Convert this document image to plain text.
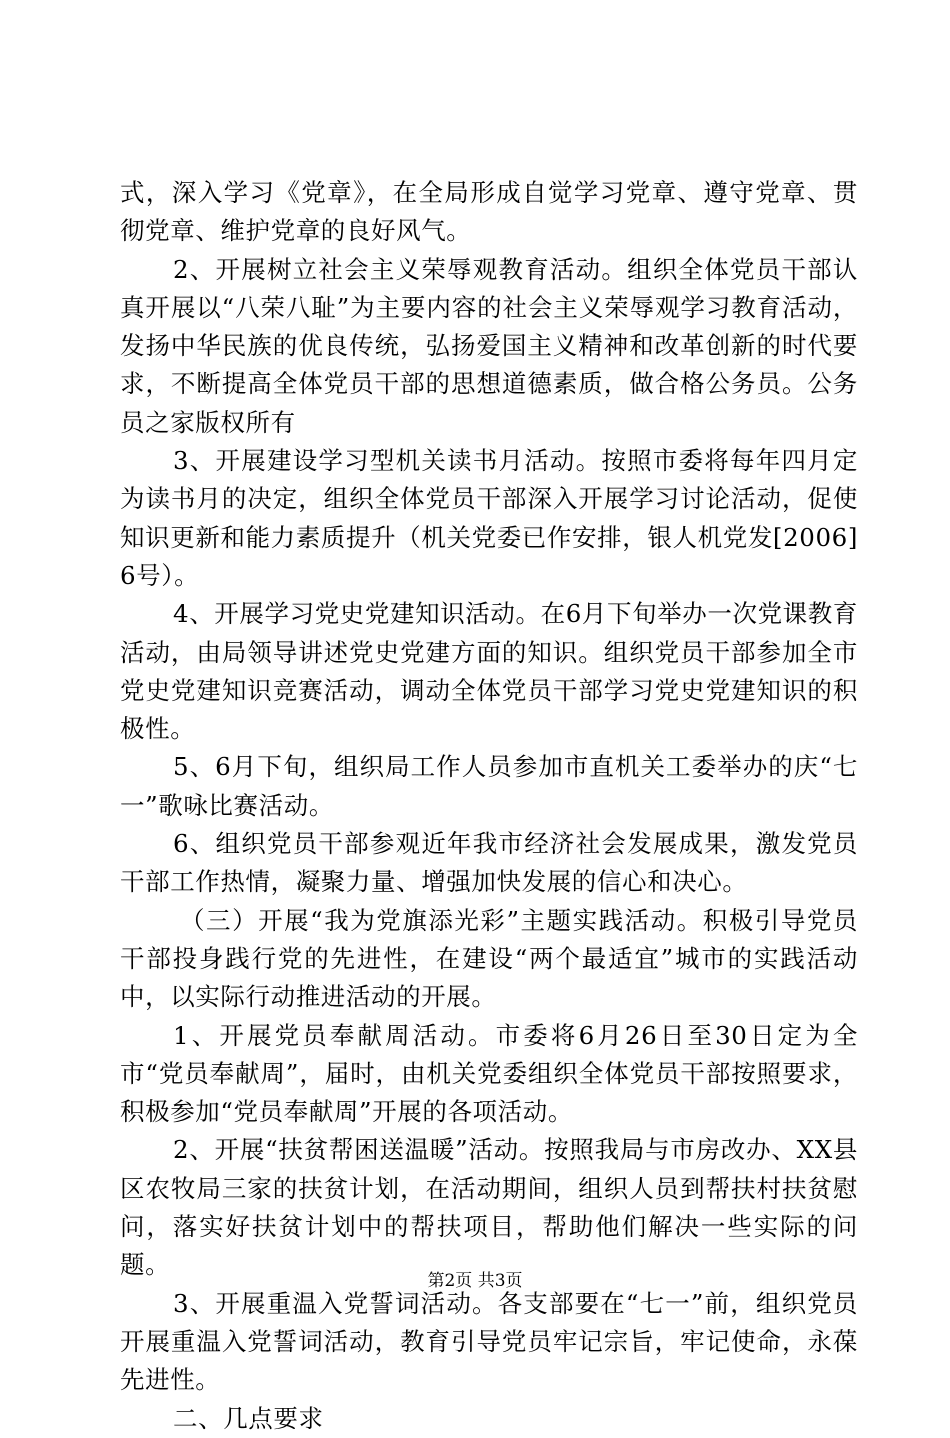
式，深入学习《党章》，在全局形成自觉学习党章、遵守党章、贯彻党章、维护党章的良好风气。

2、开展树立社会主义荣辱观教育活动。组织全体党员干部认真开展以“八荣八耻”为主要内容的社会主义荣辱观学习教育活动，发扬中华民族的优良传统，弘扬爱国主义精神和改革创新的时代要求，不断提高全体党员干部的思想道德素质，做合格公务员。公务员之家版权所有

3、开展建设学习型机关读书月活动。按照市委将每年四月定为读书月的决定，组织全体党员干部深入开展学习讨论活动，促使知识更新和能力素质提升（机关党委已作安排，银人机党发[2006]6号）。

4、开展学习党史党建知识活动。在6月下旬举办一次党课教育活动，由局领导讲述党史党建方面的知识。组织党员干部参加全市党史党建知识竞赛活动，调动全体党员干部学习党史党建知识的积极性。

5、6月下旬，组织局工作人员参加市直机关工委举办的庆“七一”歌咏比赛活动。

6、组织党员干部参观近年我市经济社会发展成果，激发党员干部工作热情，凝聚力量、增强加快发展的信心和决心。

（三）开展“我为党旗添光彩”主题实践活动。积极引导党员干部投身践行党的先进性，在建设“两个最适宜”城市的实践活动中，以实际行动推进活动的开展。

1、开展党员奉献周活动。市委将6月26日至30日定为全市“党员奉献周”，届时，由机关党委组织全体党员干部按照要求，积极参加“党员奉献周”开展的各项活动。

2、开展“扶贫帮困送温暖”活动。按照我局与市房改办、XX县区农牧局三家的扶贫计划，在活动期间，组织人员到帮扶村扶贫慰问，落实好扶贫计划中的帮扶项目，帮助他们解决一些实际的问题。

3、开展重温入党誓词活动。各支部要在“七一”前，组织党员开展重温入党誓词活动，教育引导党员牢记宗旨，牢记使命，永葆先进性。

二、几点要求

第2页 共3页
